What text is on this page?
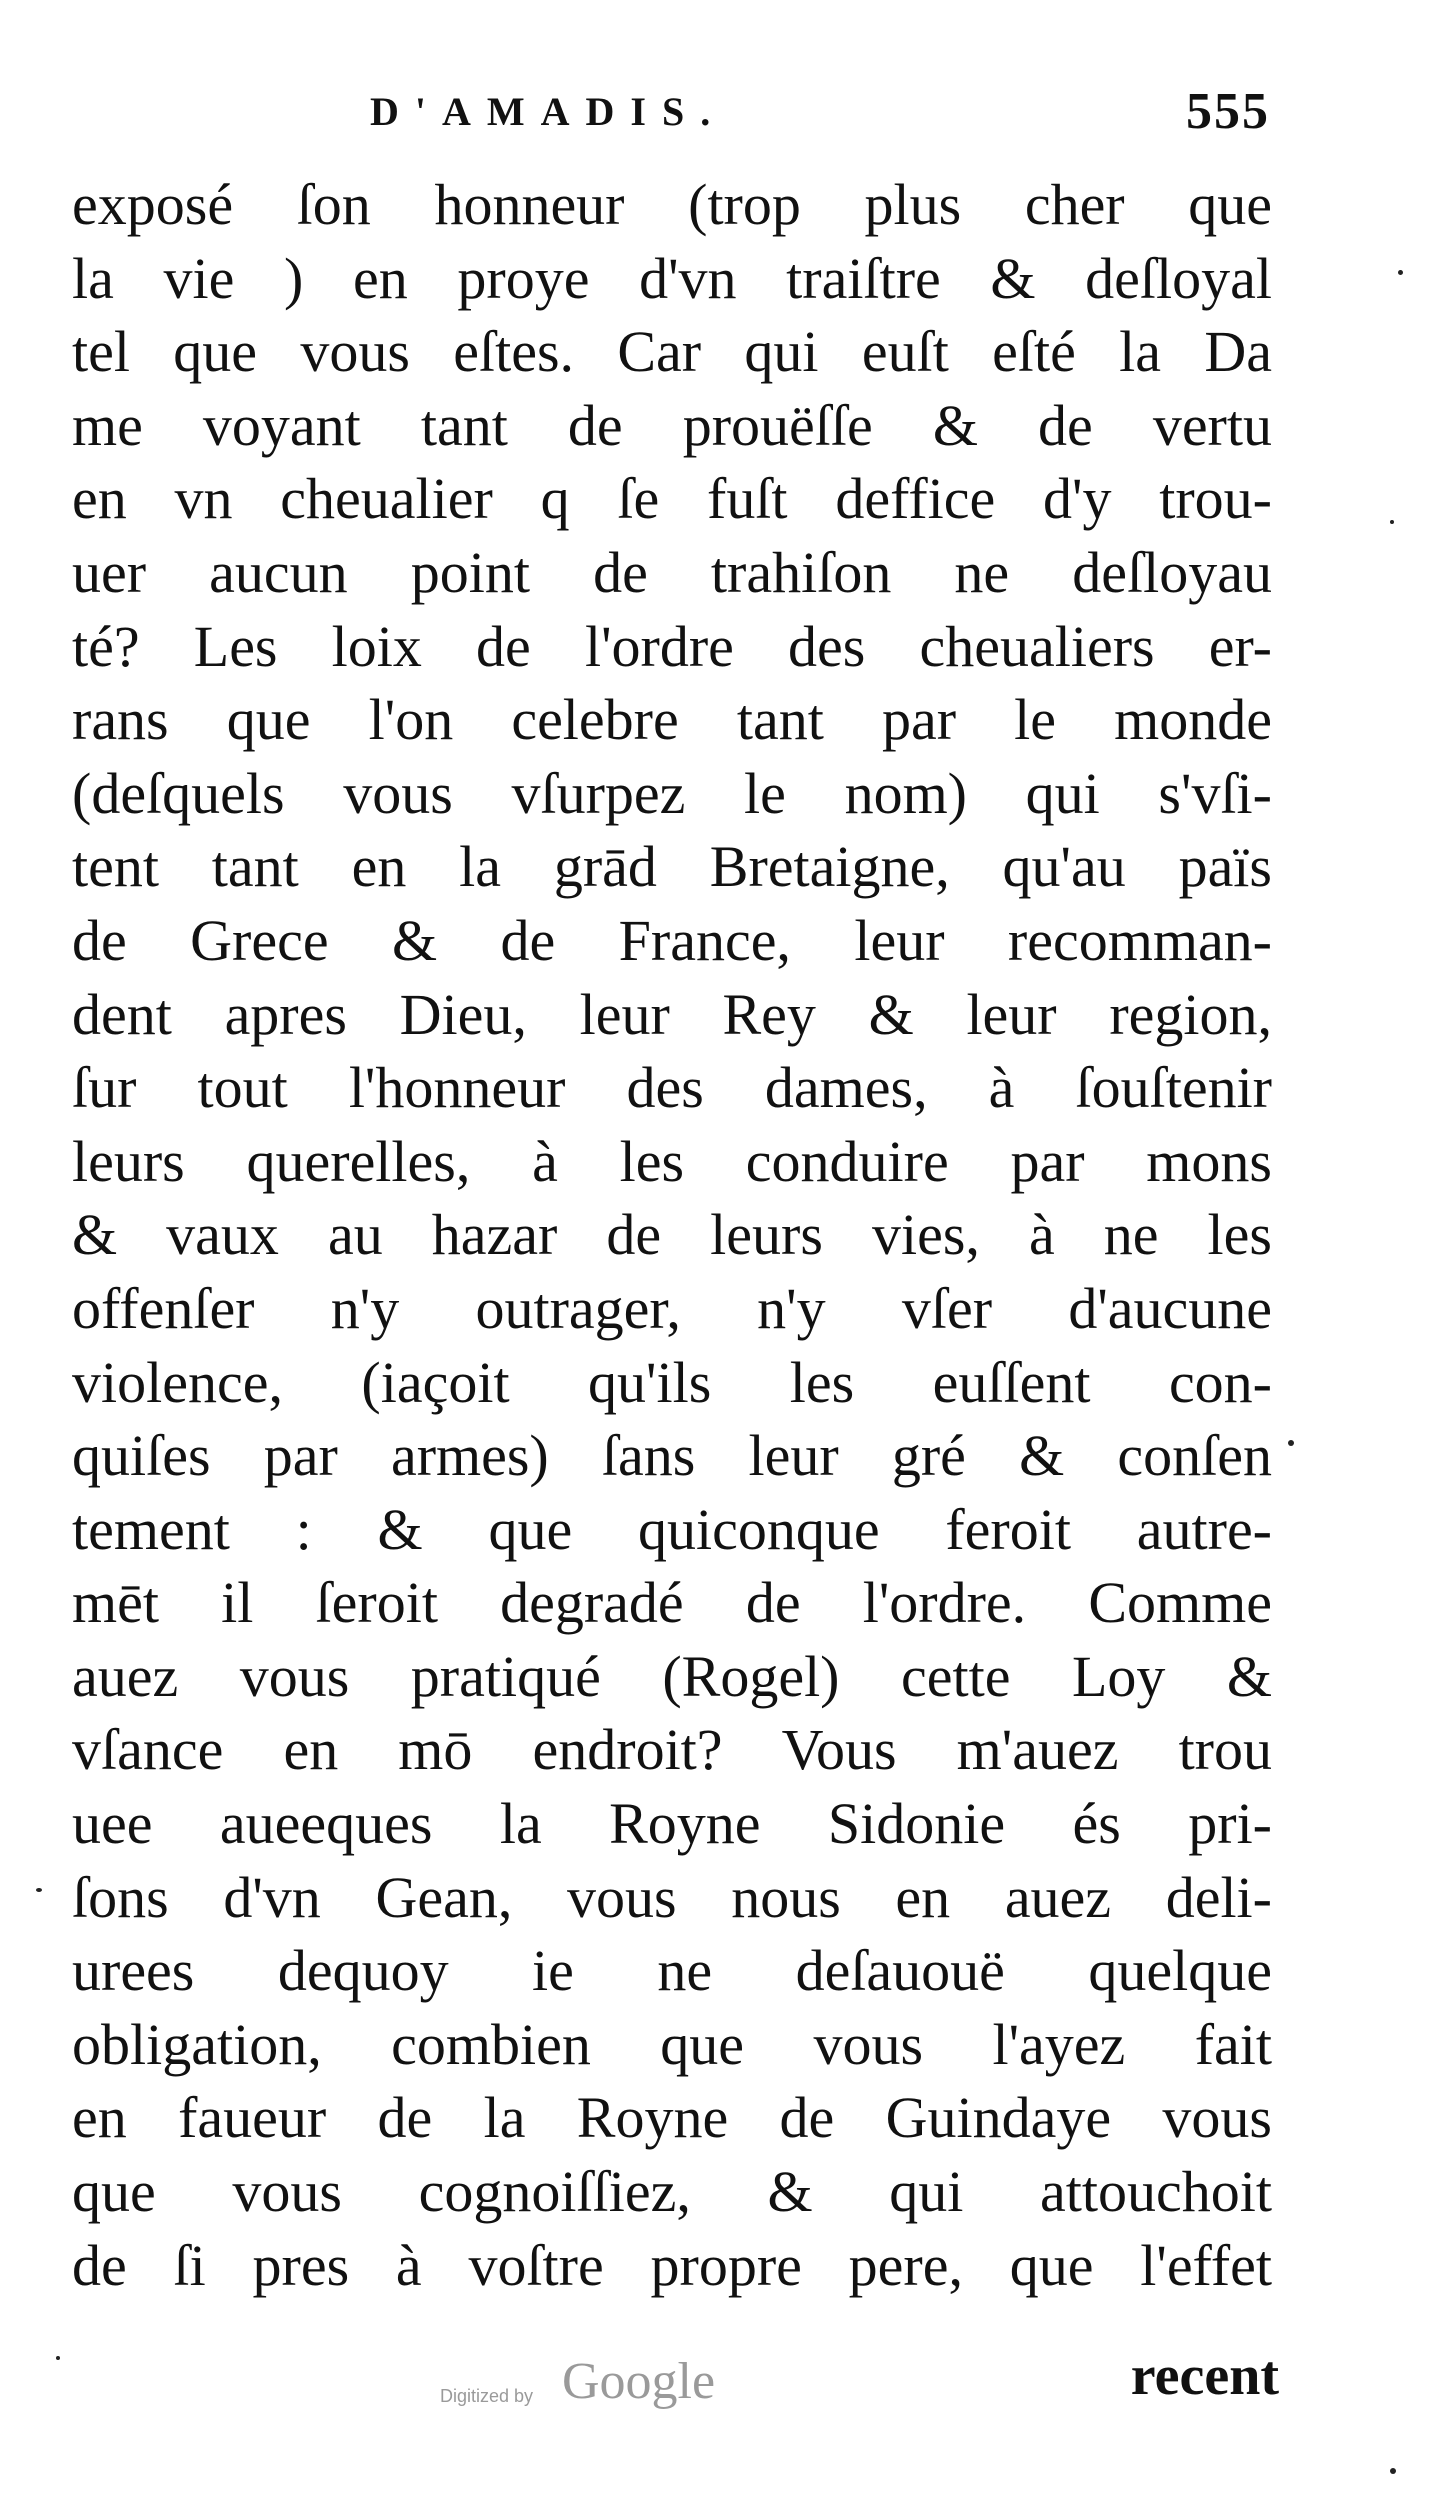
D'AMADIS.	555
exposé ſon honneur (trop plus cher que
la vie ) en proye d'vn traiſtre & deſloyal
tel que vous eſtes. Car qui euſt eſté la Da
me voyant tant de prouëſſe & de vertu
en vn cheualier q ſe fuſt deffice d'y trou-
uer aucun point de trahiſon ne deſloyau
té? Les loix de l'ordre des cheualiers er-
rans que l'on celebre tant par le monde
(deſquels vous vſurpez le nom) qui s'vſi-
tent tant en la grād Bretaigne, qu'au païs
de Grece & de France, leur recomman-
dent apres Dieu, leur Rey & leur region,
ſur tout l'honneur des dames, à ſouſtenir
leurs querelles, à les conduire par mons
& vaux au hazar de leurs vies, à ne les
offenſer n'y outrager, n'y vſer d'aucune
violence, (iaçoit qu'ils les euſſent con-
quiſes par armes) ſans leur gré & conſen
tement : & que quiconque feroit autre-
mēt il ſeroit degradé de l'ordre. Comme
auez vous pratiqué (Rogel) cette Loy &
vſance en mō endroit? Vous m'auez trou
uee aueeques la Royne Sidonie és pri-
ſons d'vn Gean, vous nous en auez deli-
urees dequoy ie ne deſauouë quelque
obligation, combien que vous l'ayez fait
en faueur de la Royne de Guindaye vous
que vous cognoiſſiez, & qui attouchoit
de ſi pres à voſtre propre pere, que l'effet
recent
Digitized by Google
